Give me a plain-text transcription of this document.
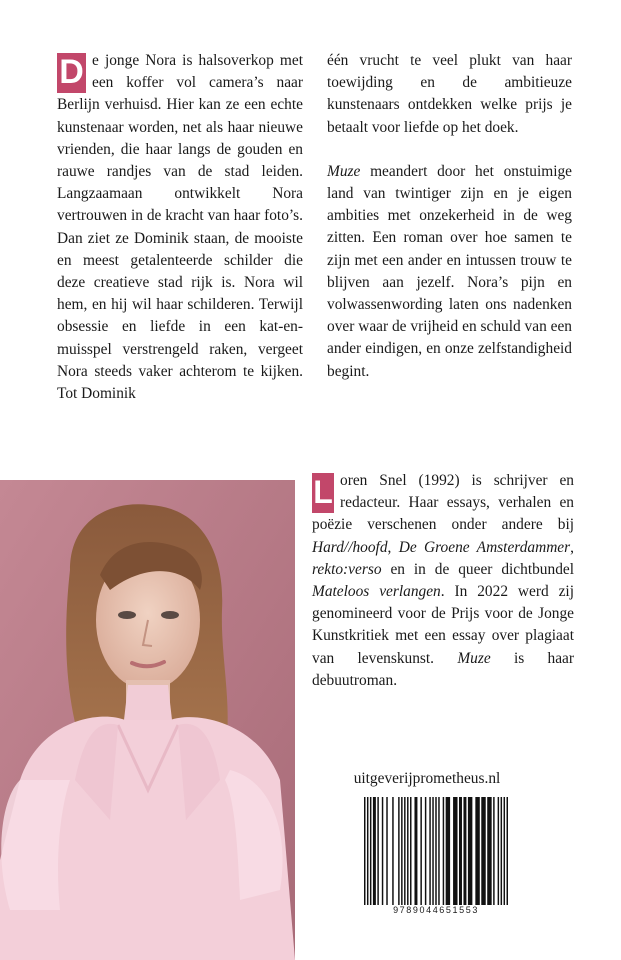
D e jonge Nora is halsoverkop met een koffer vol camera’s naar Berlijn verhuisd. Hier kan ze een echte kunstenaar worden, net als haar nieuwe vrienden, die haar langs de gouden en rauwe randjes van de stad leiden. Langzaamaan ontwikkelt Nora vertrouwen in de kracht van haar foto’s. Dan ziet ze Dominik staan, de mooiste en meest getalenteerde schilder die deze creatieve stad rijk is. Nora wil hem, en hij wil haar schilderen. Terwijl obsessie en liefde in een kat-en-muisspel verstrengeld raken, vergeet Nora steeds vaker achterom te kijken. Tot Dominik

één vrucht te veel plukt van haar toewijding en de ambitieuze kunstenaars ontdekken welke prijs je betaalt voor liefde op het doek.

Muze meandert door het onstuimige land van twintiger zijn en je eigen ambities met onzekerheid in de weg zitten. Een roman over hoe samen te zijn met een ander en intussen trouw te blijven aan jezelf. Nora’s pijn en volwassenwording laten ons nadenken over waar de vrijheid en schuld van een ander eindigen, en onze zelfstandigheid begint.

L oren Snel (1992) is schrijver en redacteur. Haar essays, verhalen en poëzie verschenen onder andere bij Hard//hoofd, De Groene Amsterdammer, rekto:verso en in de queer dichtbundel Mateloos verlangen. In 2022 werd zij genomineerd voor de Prijs voor de Jonge Kunstkritiek met een essay over plagiaat van levenskunst. Muze is haar debuutroman.

uitgeverijprometheus.nl
9789044651553
